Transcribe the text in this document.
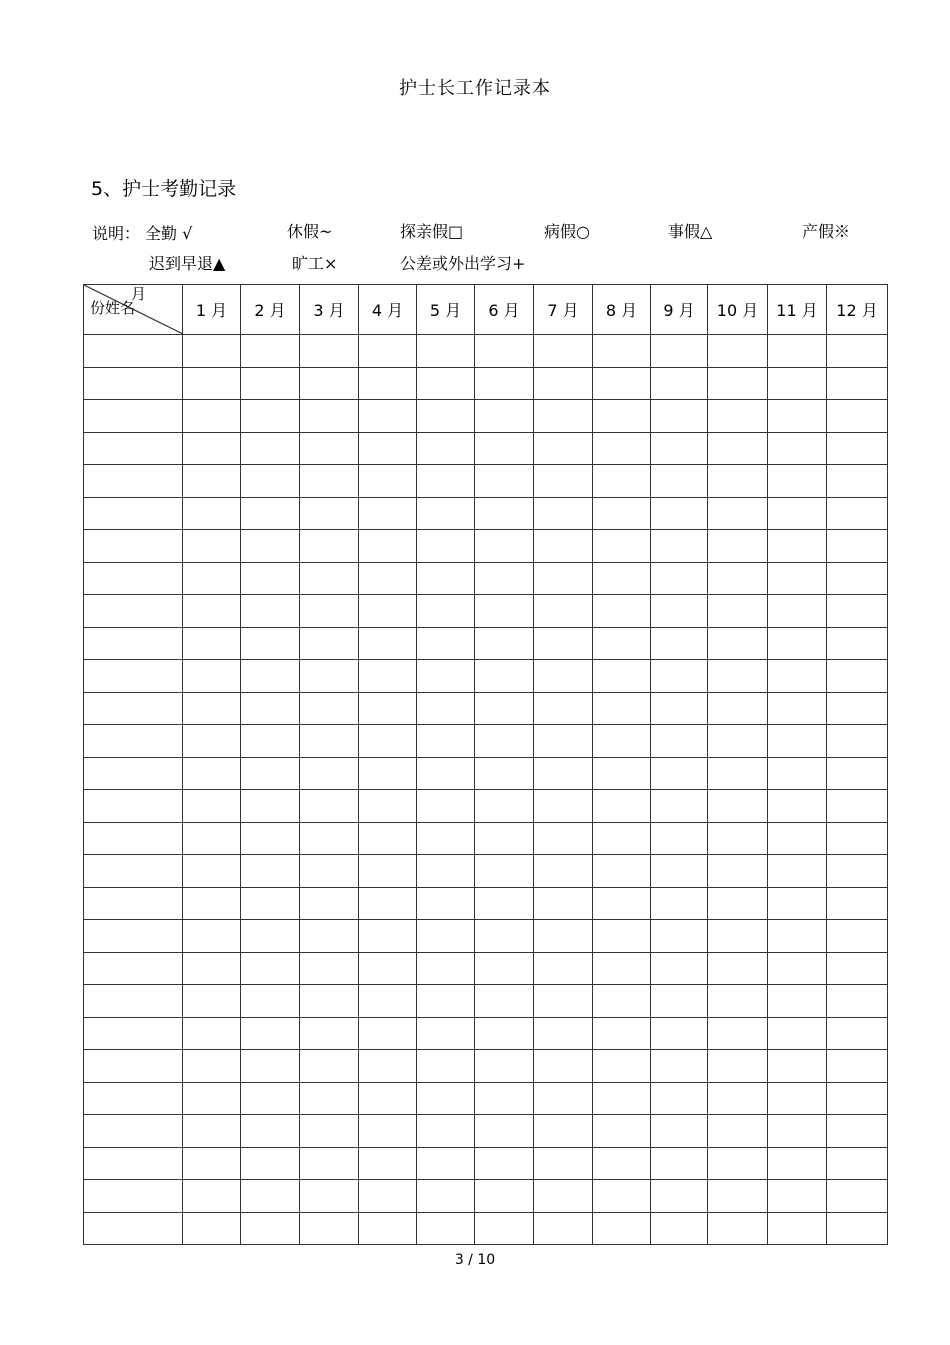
护士长工作记录本
5、护士考勤记录
说明： 全勤 √	休假~	探亲假□	病假○	事假△	产假※
迟到早退▲	旷工×	公差或外出学习+
月
份姓名	1 月	2 月	3 月	4 月	5 月	6 月	7 月	8 月	9 月	10 月	11 月	12 月

3 / 10
